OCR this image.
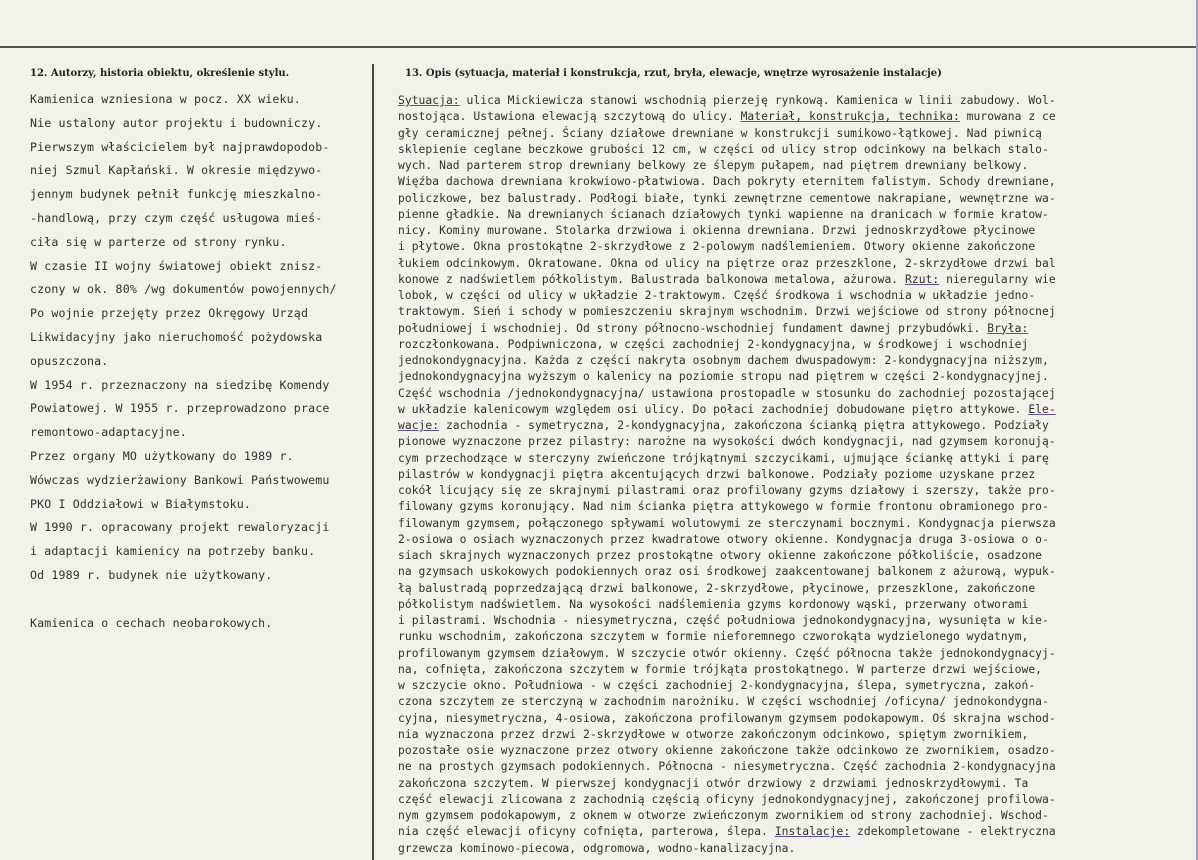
12. Autorzy, historia obiektu, określenie stylu.	13. Opis (sytuacja, materiał i konstrukcja, rzut, bryła, elewacje, wnętrze wyrosażenie instalacje)
Kamienica wzniesiona w pocz. XX wieku.
Nie ustalony autor projektu i budowniczy.
Pierwszym właścicielem był najprawdopodob-
niej Szmul Kapłański. W okresie międzywo-
jennym budynek pełnił funkcję mieszkalno-
-handlową, przy czym część usługowa mieś-
ciła się w parterze od strony rynku.
W czasie II wojny światowej obiekt znisz-
czony w ok. 80% /wg dokumentów powojennych/
Po wojnie przejęty przez Okręgowy Urząd
Likwidacyjny jako nieruchomość pożydowska
opuszczona.
W 1954 r. przeznaczony na siedzibę Komendy
Powiatowej. W 1955 r. przeprowadzono prace
remontowo-adaptacyjne.
Przez organy MO użytkowany do 1989 r.
Wówczas wydzierżawiony Bankowi Państwowemu
PKO I Oddziałowi w Białymstoku.
W 1990 r. opracowany projekt rewaloryzacji
i adaptacji kamienicy na potrzeby banku.
Od 1989 r. budynek nie użytkowany.

Kamienica o cechach neobarokowych.
Sytuacja: ulica Mickiewicza stanowi wschodnią pierzeję rynkową. Kamienica w linii zabudowy. Wol-
nostojąca. Ustawiona elewacją szczytową do ulicy. Materiał, konstrukcja, technika: murowana z ce
gły ceramicznej pełnej. Ściany działowe drewniane w konstrukcji sumikowo-łątkowej. Nad piwnicą
sklepienie ceglane beczkowe grubości 12 cm, w części od ulicy strop odcinkowy na belkach stalo-
wych. Nad parterem strop drewniany belkowy ze ślepym pułapem, nad piętrem drewniany belkowy.
Więźba dachowa drewniana krokwiowo-płatwiowa. Dach pokryty eternitem falistym. Schody drewniane,
policzkowe, bez balustrady. Podłogi białe, tynki zewnętrzne cementowe nakrapiane, wewnętrzne wa-
pienne gładkie. Na drewnianych ścianach działowych tynki wapienne na dranicach w formie kratow-
nicy. Kominy murowane. Stolarka drzwiowa i okienna drewniana. Drzwi jednoskrzydłowe płycinowe
i płytowe. Okna prostokątne 2-skrzydłowe z 2-polowym nadślemieniem. Otwory okienne zakończone
łukiem odcinkowym. Okratowane. Okna od ulicy na piętrze oraz przeszklone, 2-skrzydłowe drzwi bal
konowe z nadświetlem półkolistym. Balustrada balkonowa metalowa, ażurowa. Rzut: nieregularny wie
lobok, w części od ulicy w układzie 2-traktowym. Część środkowa i wschodnia w układzie jedno-
traktowym. Sień i schody w pomieszczeniu skrajnym wschodnim. Drzwi wejściowe od strony północnej
południowej i wschodniej. Od strony północno-wschodniej fundament dawnej przybudówki. Bryła:
rozczłonkowana. Podpiwniczona, w części zachodniej 2-kondygnacyjna, w środkowej i wschodniej
jednokondygnacyjna. Każda z części nakryta osobnym dachem dwuspadowym: 2-kondygnacyjna niższym,
jednokondygnacyjna wyższym o kalenicy na poziomie stropu nad piętrem w części 2-kondygnacyjnej.
Część wschodnia /jednokondygnacyjna/ ustawiona prostopadle w stosunku do zachodniej pozostającej
w układzie kalenicowym względem osi ulicy. Do połaci zachodniej dobudowane piętro attykowe. Ele-
wacje: zachodnia - symetryczna, 2-kondygnacyjna, zakończona ścianką piętra attykowego. Podziały
pionowe wyznaczone przez pilastry: narożne na wysokości dwóch kondygnacji, nad gzymsem koronują-
cym przechodzące w sterczyny zwieńczone trójkątnymi szczycikami, ujmujące ściankę attyki i parę
pilastrów w kondygnacji piętra akcentujących drzwi balkonowe. Podziały poziome uzyskane przez
cokół licujący się ze skrajnymi pilastrami oraz profilowany gzyms działowy i szerszy, także pro-
filowany gzyms koronujący. Nad nim ścianka piętra attykowego w formie frontonu obramionego pro-
filowanym gzymsem, połączonego spływami wolutowymi ze sterczynami bocznymi. Kondygnacja pierwsza
2-osiowa o osiach wyznaczonych przez kwadratowe otwory okienne. Kondygnacja druga 3-osiowa o o-
siach skrajnych wyznaczonych przez prostokątne otwory okienne zakończone półkoliście, osadzone
na gzymsach uskokowych podokiennych oraz osi środkowej zaakcentowanej balkonem z ażurową, wypuk-
łą balustradą poprzedzającą drzwi balkonowe, 2-skrzydłowe, płycinowe, przeszklone, zakończone
półkolistym nadświetlem. Na wysokości nadślemienia gzyms kordonowy wąski, przerwany otworami
i pilastrami. Wschodnia - niesymetryczna, część południowa jednokondygnacyjna, wysunięta w kie-
runku wschodnim, zakończona szczytem w formie nieforemnego czworokąta wydzielonego wydatnym,
profilowanym gzymsem działowym. W szczycie otwór okienny. Część północna także jednokondygnacyj-
na, cofnięta, zakończona szczytem w formie trójkąta prostokątnego. W parterze drzwi wejściowe,
w szczycie okno. Południowa - w części zachodniej 2-kondygnacyjna, ślepa, symetryczna, zakoń-
czona szczytem ze sterczyną w zachodnim narożniku. W części wschodniej /oficyna/ jednokondygna-
cyjna, niesymetryczna, 4-osiowa, zakończona profilowanym gzymsem podokapowym. Oś skrajna wschod-
nia wyznaczona przez drzwi 2-skrzydłowe w otworze zakończonym odcinkowo, spiętym zwornikiem,
pozostałe osie wyznaczone przez otwory okienne zakończone także odcinkowo ze zwornikiem, osadzo-
ne na prostych gzymsach podokiennych. Północna - niesymetryczna. Część zachodnia 2-kondygnacyjna
zakończona szczytem. W pierwszej kondygnacji otwór drzwiowy z drzwiami jednoskrzydłowymi. Ta
część elewacji zlicowana z zachodnią częścią oficyny jednokondygnacyjnej, zakończonej profilowa-
nym gzymsem podokapowym, z oknem w otworze zwieńczonym zwornikiem od strony zachodniej. Wschod-
nia część elewacji oficyny cofnięta, parterowa, ślepa. Instalacje: zdekompletowane - elektryczna
grzewcza kominowo-piecowa, odgromowa, wodno-kanalizacyjna.
